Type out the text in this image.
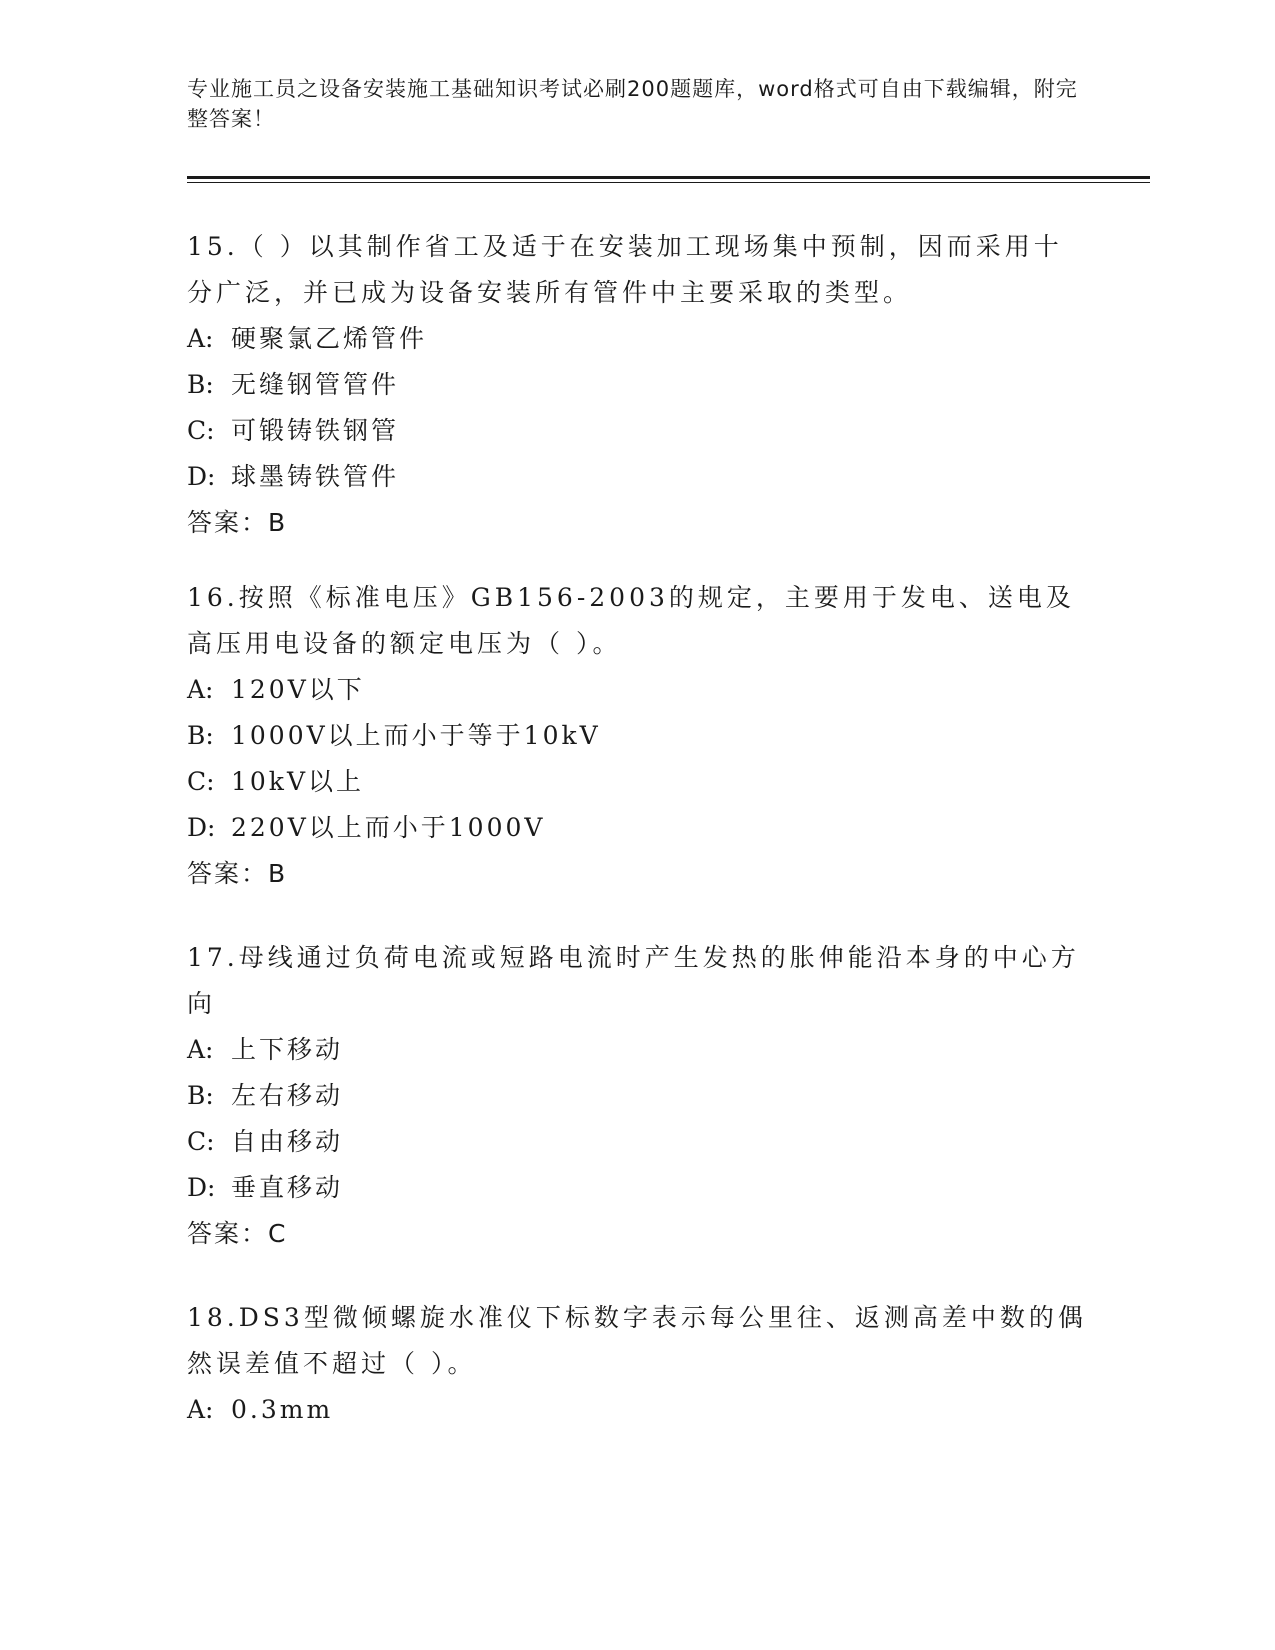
专业施工员之设备安装施工基础知识考试必刷200题题库，word格式可自由下载编辑，附完整答案！

15.（ ）以其制作省工及适于在安装加工现场集中预制，因而采用十分广泛，并已成为设备安装所有管件中主要采取的类型。

A: 硬聚氯乙烯管件

B: 无缝钢管管件

C: 可锻铸铁钢管

D: 球墨铸铁管件

答案：B

16.按照《标准电压》GB156-2003的规定，主要用于发电、送电及高压用电设备的额定电压为（ ）。

A: 120V以下

B: 1000V以上而小于等于10kV

C: 10kV以上

D: 220V以上而小于1000V

答案：B

17.母线通过负荷电流或短路电流时产生发热的胀伸能沿本身的中心方向

A: 上下移动

B: 左右移动

C: 自由移动

D: 垂直移动

答案：C

18.DS3型微倾螺旋水准仪下标数字表示每公里往、返测高差中数的偶然误差值不超过（ ）。

A: 0.3mm
